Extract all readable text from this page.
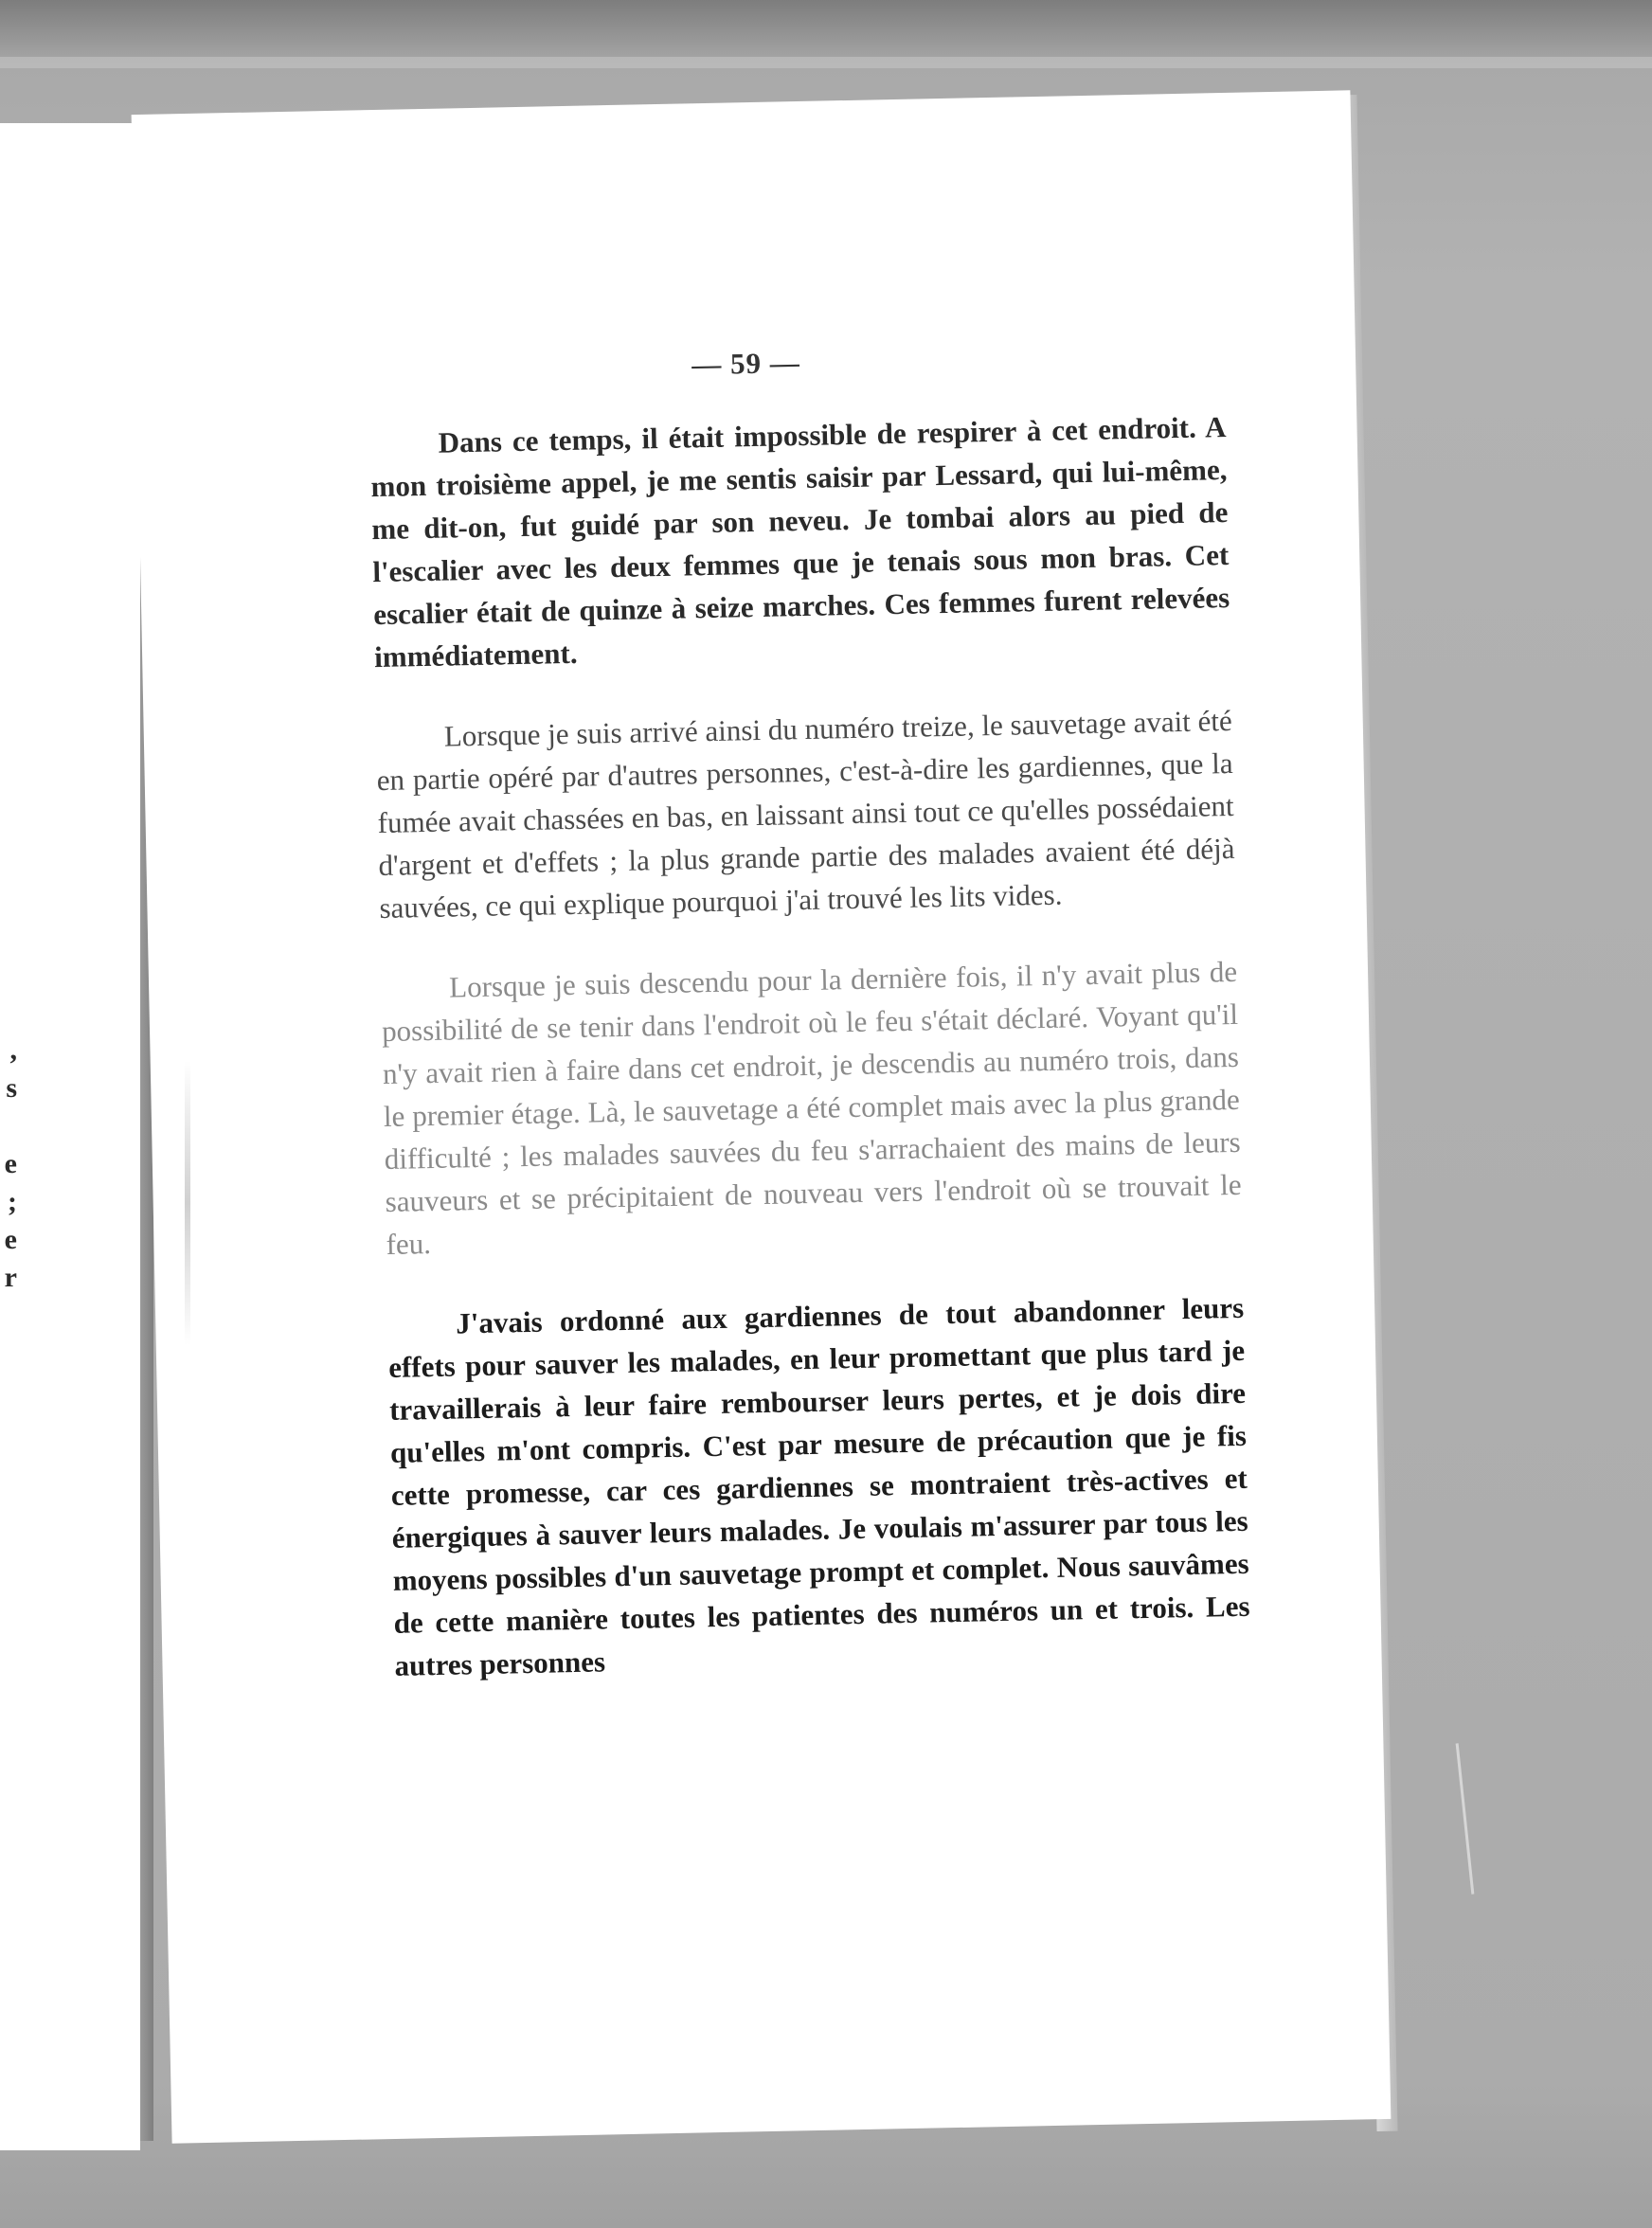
,
s
e
;
e
r
— 59 —

Dans ce temps, il était impossible de respirer à cet endroit. A mon troisième appel, je me sentis saisir par Lessard, qui lui-même, me dit-on, fut guidé par son neveu. Je tombai alors au pied de l'escalier avec les deux femmes que je tenais sous mon bras. Cet escalier était de quinze à seize marches. Ces femmes furent relevées immédiatement.

Lorsque je suis arrivé ainsi du numéro treize, le sauvetage avait été en partie opéré par d'autres personnes, c'est-à-dire les gardiennes, que la fumée avait chassées en bas, en laissant ainsi tout ce qu'elles possédaient d'argent et d'effets ; la plus grande partie des malades avaient été déjà sauvées, ce qui explique pourquoi j'ai trouvé les lits vides.

Lorsque je suis descendu pour la dernière fois, il n'y avait plus de possibilité de se tenir dans l'endroit où le feu s'était déclaré. Voyant qu'il n'y avait rien à faire dans cet endroit, je descendis au numéro trois, dans le premier étage. Là, le sauvetage a été complet mais avec la plus grande difficulté ; les malades sauvées du feu s'arrachaient des mains de leurs sauveurs et se précipitaient de nouveau vers l'endroit où se trouvait le feu.

J'avais ordonné aux gardiennes de tout abandonner leurs effets pour sauver les malades, en leur promettant que plus tard je travaillerais à leur faire rembourser leurs pertes, et je dois dire qu'elles m'ont compris. C'est par mesure de précaution que je fis cette promesse, car ces gardiennes se montraient très-actives et énergiques à sauver leurs malades. Je voulais m'assurer par tous les moyens possibles d'un sauvetage prompt et complet. Nous sauvâmes de cette manière toutes les patientes des numéros un et trois. Les autres personnes
